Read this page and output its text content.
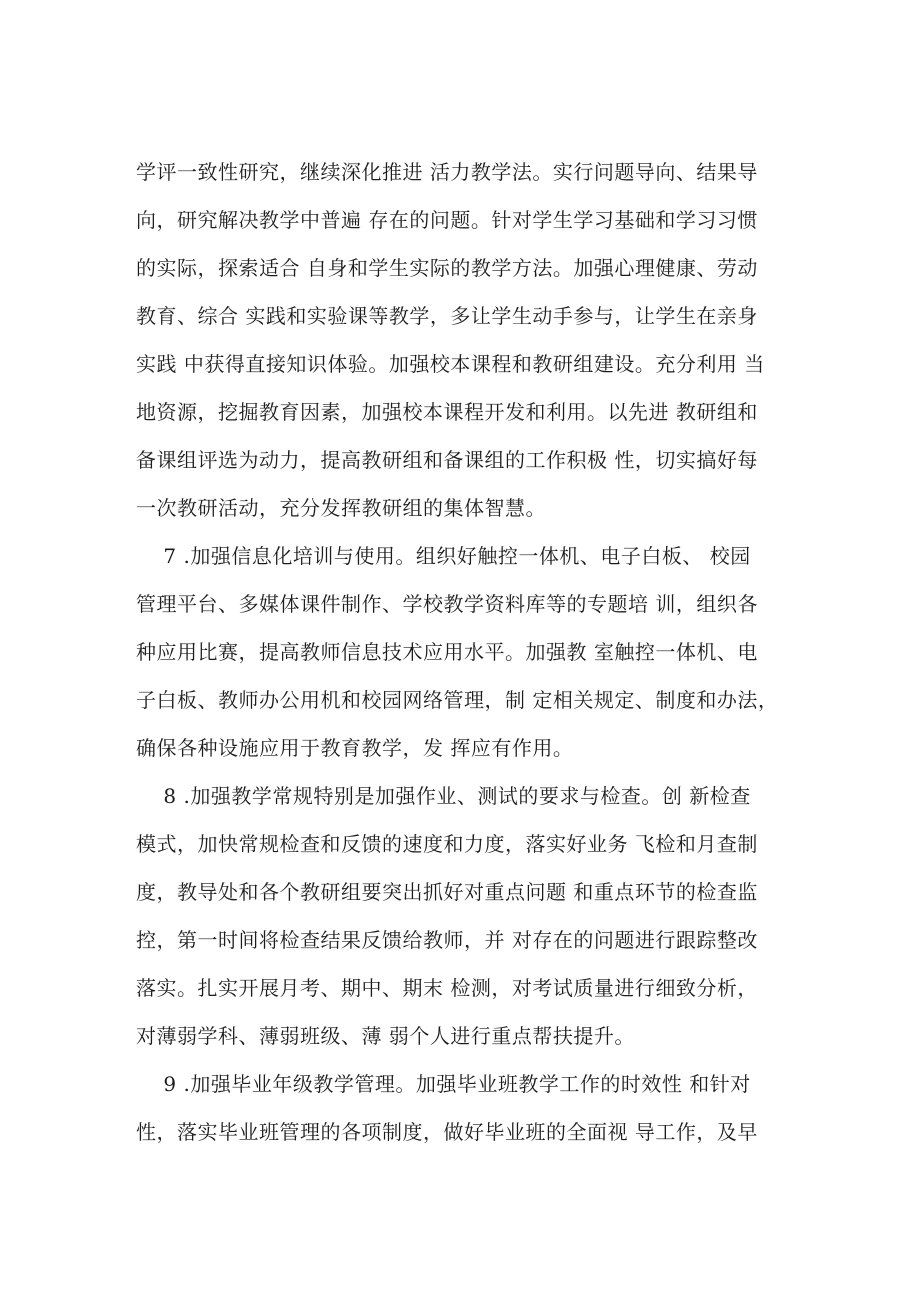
学评一致性研究，继续深化推进 活力教学法。实行问题导向、结果导
向，研究解决教学中普遍 存在的问题。针对学生学习基础和学习习惯
的实际，探索适合 自身和学生实际的教学方法。加强心理健康、劳动
教育、综合 实践和实验课等教学，多让学生动手参与，让学生在亲身
实践 中获得直接知识体验。加强校本课程和教研组建设。充分利用 当
地资源，挖掘教育因素，加强校本课程开发和利用。以先进 教研组和
备课组评选为动力，提高教研组和备课组的工作积极 性，切实搞好每
一次教研活动，充分发挥教研组的集体智慧。
7 .加强信息化培训与使用。组织好触控一体机、电子白板、 校园
管理平台、多媒体课件制作、学校教学资料库等的专题培 训，组织各
种应用比赛，提高教师信息技术应用水平。加强教 室触控一体机、电
子白板、教师办公用机和校园网络管理，制 定相关规定、制度和办法，
确保各种设施应用于教育教学，发 挥应有作用。
8 .加强教学常规特别是加强作业、测试的要求与检查。创 新检查
模式，加快常规检查和反馈的速度和力度，落实好业务 飞检和月查制
度，教导处和各个教研组要突出抓好对重点问题 和重点环节的检查监
控，第一时间将检查结果反馈给教师，并 对存在的问题进行跟踪整改
落实。扎实开展月考、期中、期末 检测，对考试质量进行细致分析，
对薄弱学科、薄弱班级、薄 弱个人进行重点帮扶提升。
9 .加强毕业年级教学管理。加强毕业班教学工作的时效性 和针对
性，落实毕业班管理的各项制度，做好毕业班的全面视 导工作，及早
